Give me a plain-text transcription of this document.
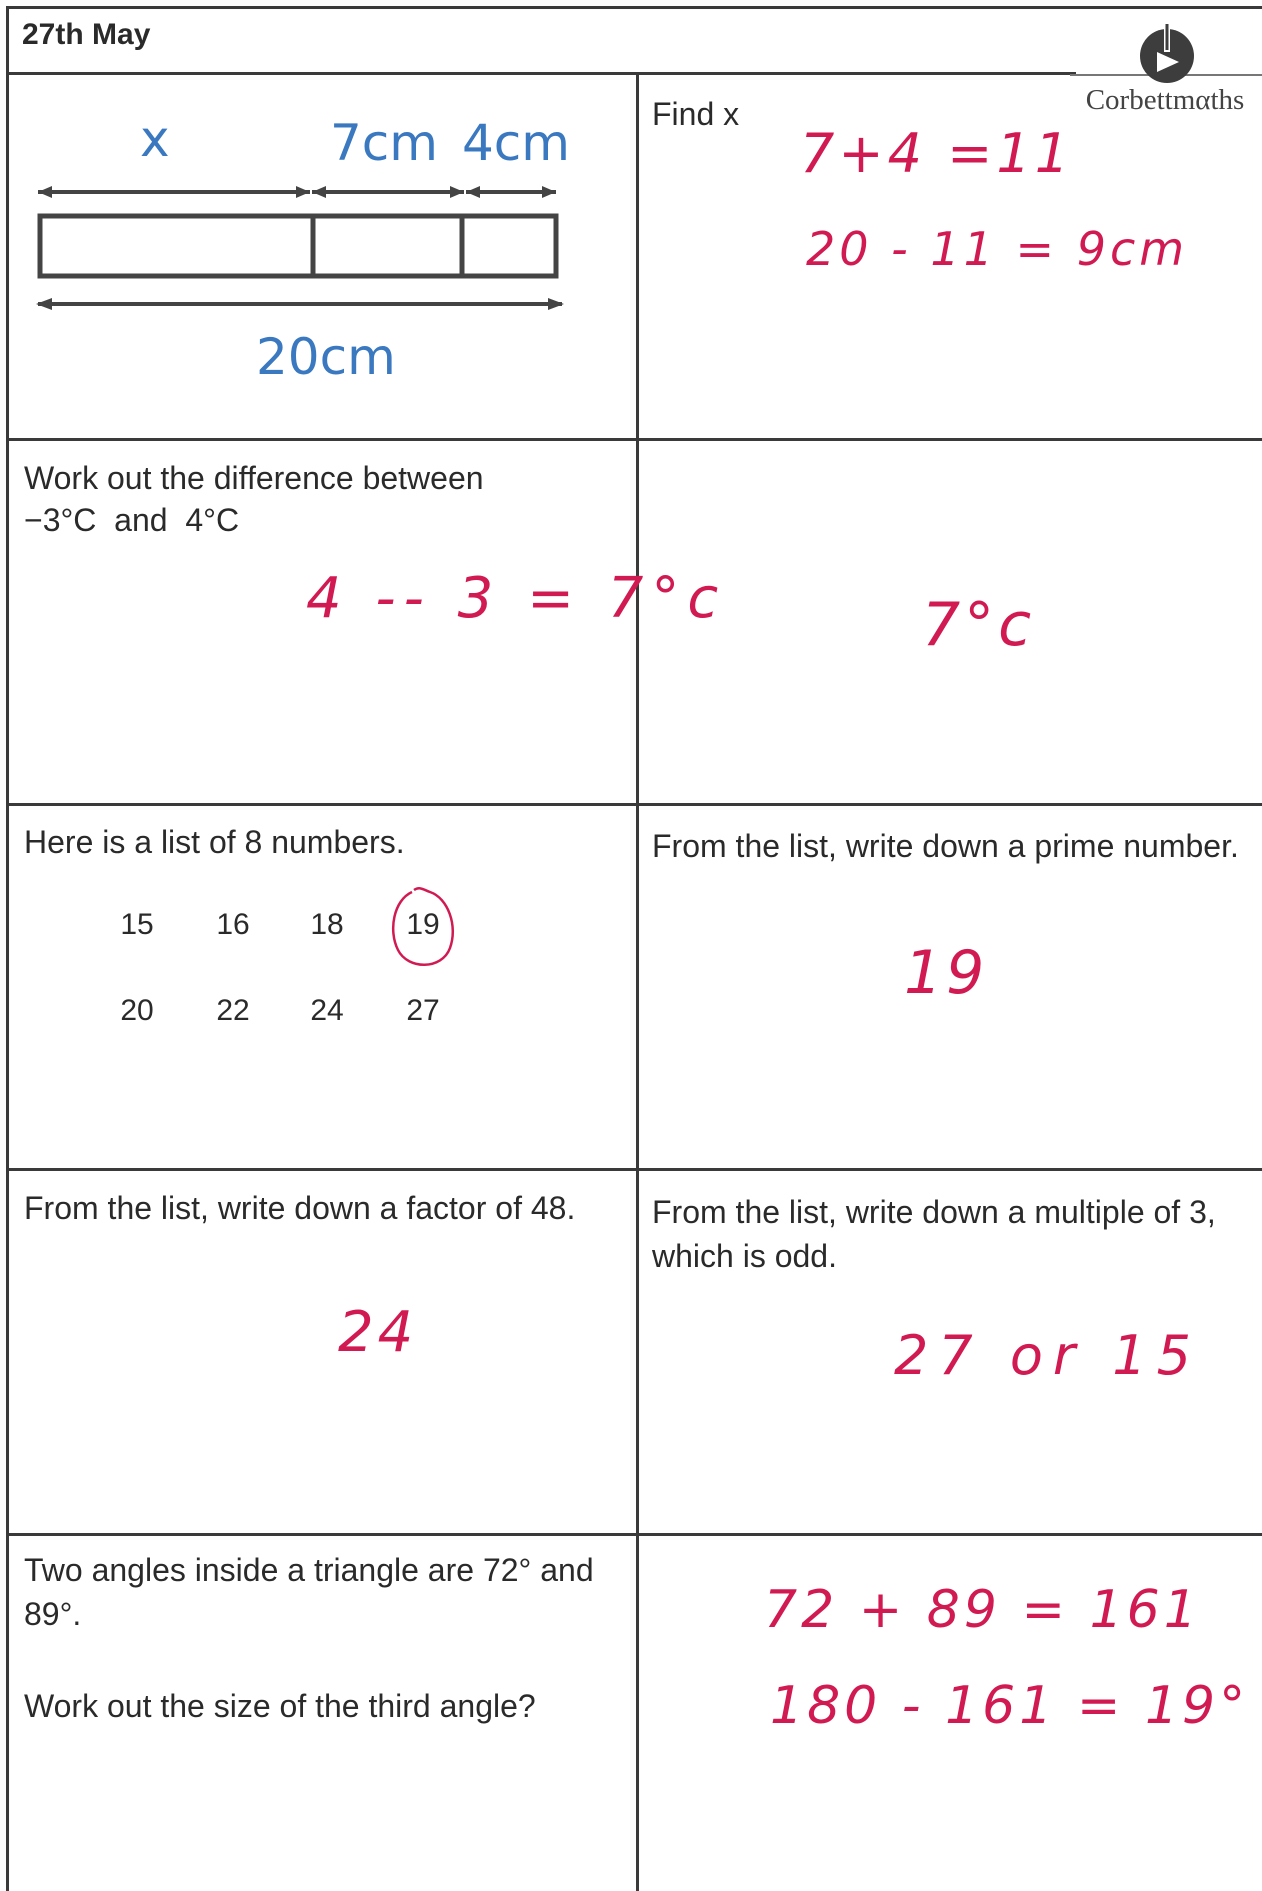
27th May
Corbettmαths
x	7cm 4cm
20cm
Find x
7+4 =11
20 - 11 = 9cm
Work out the difference between
−3°C  and  4°C
4 -- 3 = 7°c	7°c
Here is a list of 8 numbers.
15	16	18	19
20	22	24	27
From the list, write down a prime number.
19
From the list, write down a factor of 48.
24
From the list, write down a multiple of 3, which is odd.
27 or 15
Two angles inside a triangle are 72° and 89°.
Work out the size of the third angle?
72 + 89 = 161
180 - 161 = 19°
